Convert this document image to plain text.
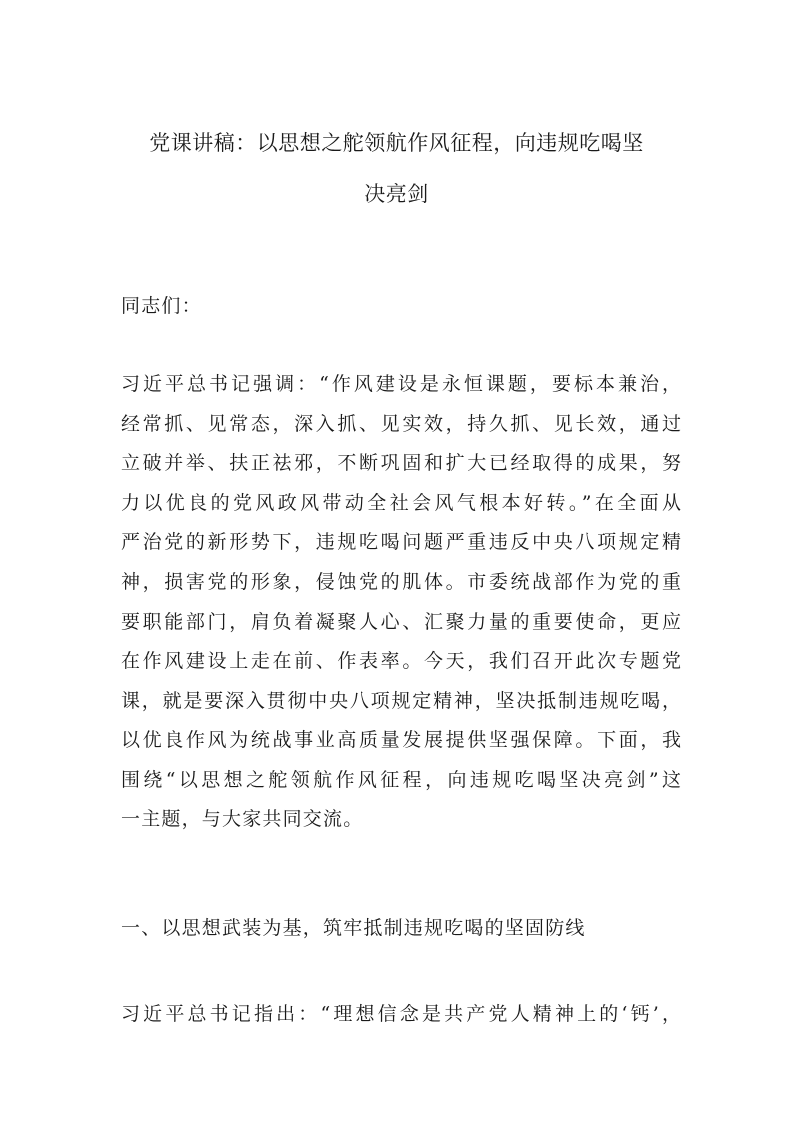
党课讲稿：以思想之舵领航作风征程，向违规吃喝坚
决亮剑
同志们：
习近平总书记强调：“作风建设是永恒课题，要标本兼治，
经常抓、见常态，深入抓、见实效，持久抓、见长效，通过
立破并举、扶正祛邪，不断巩固和扩大已经取得的成果，努
力以优良的党风政风带动全社会风气根本好转。”在全面从
严治党的新形势下，违规吃喝问题严重违反中央八项规定精
神，损害党的形象，侵蚀党的肌体。市委统战部作为党的重
要职能部门，肩负着凝聚人心、汇聚力量的重要使命，更应
在作风建设上走在前、作表率。今天，我们召开此次专题党
课，就是要深入贯彻中央八项规定精神，坚决抵制违规吃喝，
以优良作风为统战事业高质量发展提供坚强保障。下面，我
围绕“以思想之舵领航作风征程，向违规吃喝坚决亮剑”这
一主题，与大家共同交流。
一、以思想武装为基，筑牢抵制违规吃喝的坚固防线
习近平总书记指出：“理想信念是共产党人精神上的‘钙’，
